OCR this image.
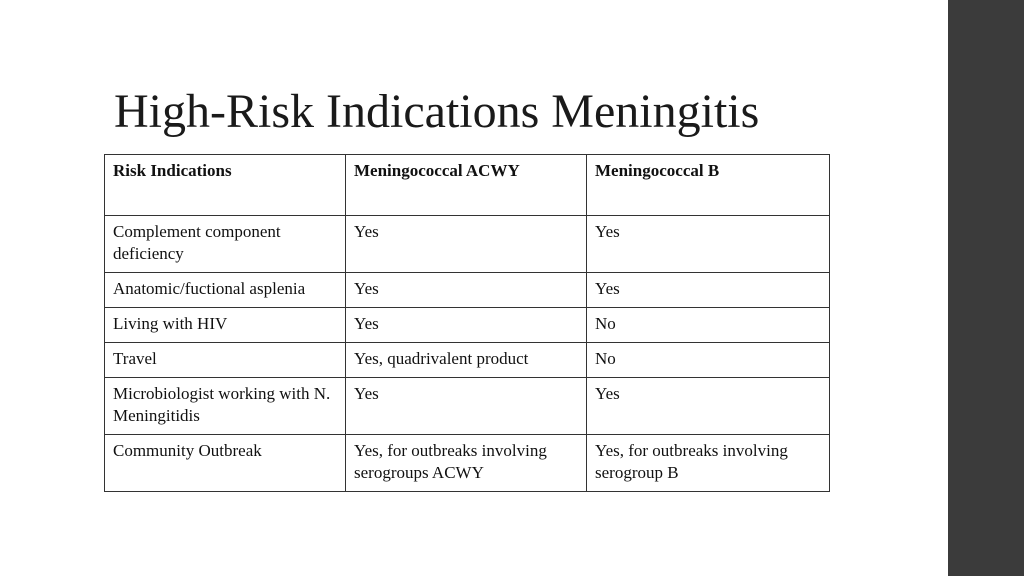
High-Risk Indications Meningitis
Risk Indications	Meningococcal ACWY	Meningococcal B
Complement component deficiency	Yes	Yes
Anatomic/fuctional asplenia	Yes	Yes
Living with HIV	Yes	No
Travel	Yes, quadrivalent product	No
Microbiologist working with N. Meningitidis	Yes	Yes
Community Outbreak	Yes, for outbreaks involving serogroups ACWY	Yes, for outbreaks involving serogroup B
